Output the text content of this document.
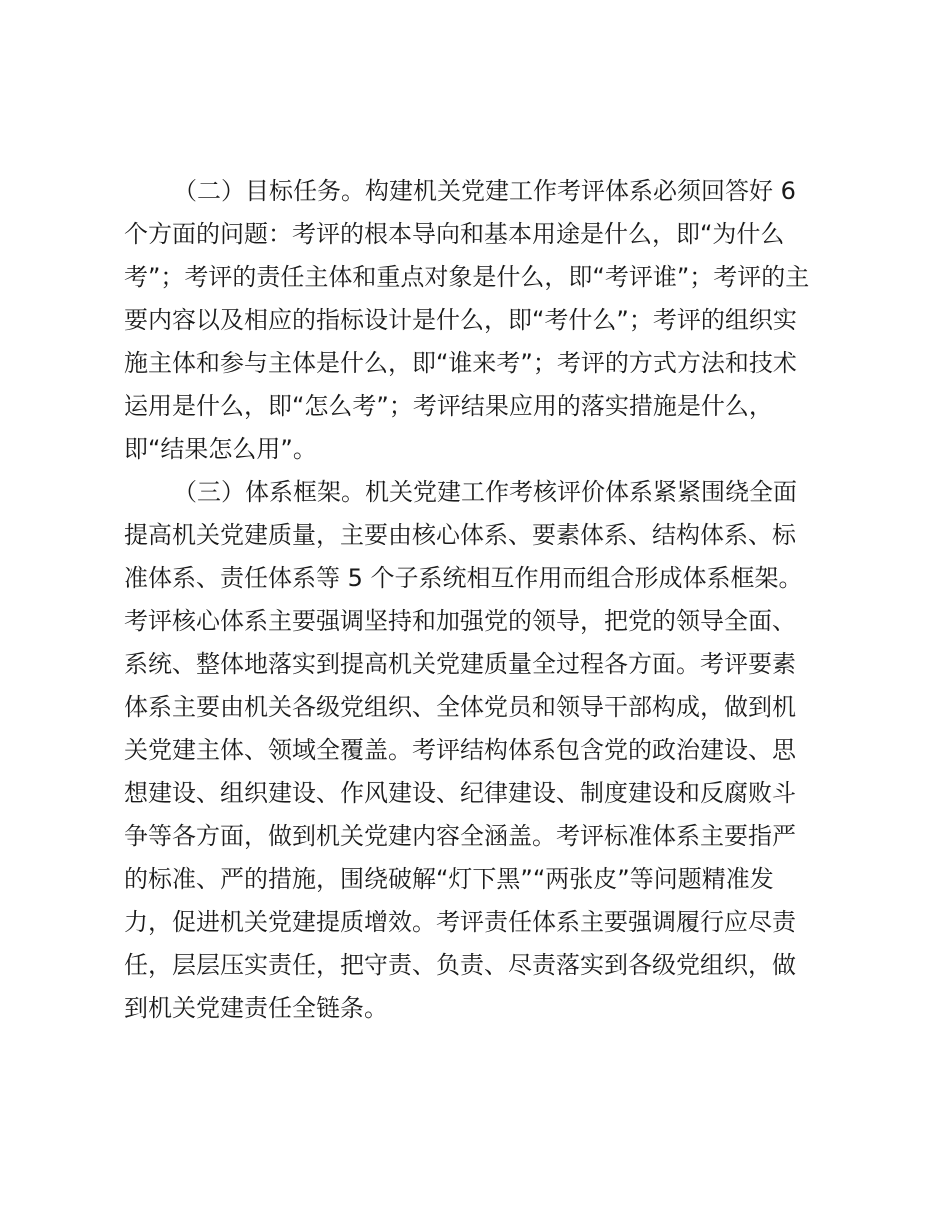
（二）目标任务。构建机关党建工作考评体系必须回答好 6
个方面的问题：考评的根本导向和基本用途是什么，即“为什么
考”；考评的责任主体和重点对象是什么，即“考评谁”；考评的主
要内容以及相应的指标设计是什么，即“考什么”；考评的组织实
施主体和参与主体是什么，即“谁来考”；考评的方式方法和技术
运用是什么，即“怎么考”；考评结果应用的落实措施是什么，
即“结果怎么用”。
（三）体系框架。机关党建工作考核评价体系紧紧围绕全面
提高机关党建质量，主要由核心体系、要素体系、结构体系、标
准体系、责任体系等 5 个子系统相互作用而组合形成体系框架。
考评核心体系主要强调坚持和加强党的领导，把党的领导全面、
系统、整体地落实到提高机关党建质量全过程各方面。考评要素
体系主要由机关各级党组织、全体党员和领导干部构成，做到机
关党建主体、领域全覆盖。考评结构体系包含党的政治建设、思
想建设、组织建设、作风建设、纪律建设、制度建设和反腐败斗
争等各方面，做到机关党建内容全涵盖。考评标准体系主要指严
的标准、严的措施，围绕破解“灯下黑”“两张皮”等问题精准发
力，促进机关党建提质增效。考评责任体系主要强调履行应尽责
任，层层压实责任，把守责、负责、尽责落实到各级党组织，做
到机关党建责任全链条。
